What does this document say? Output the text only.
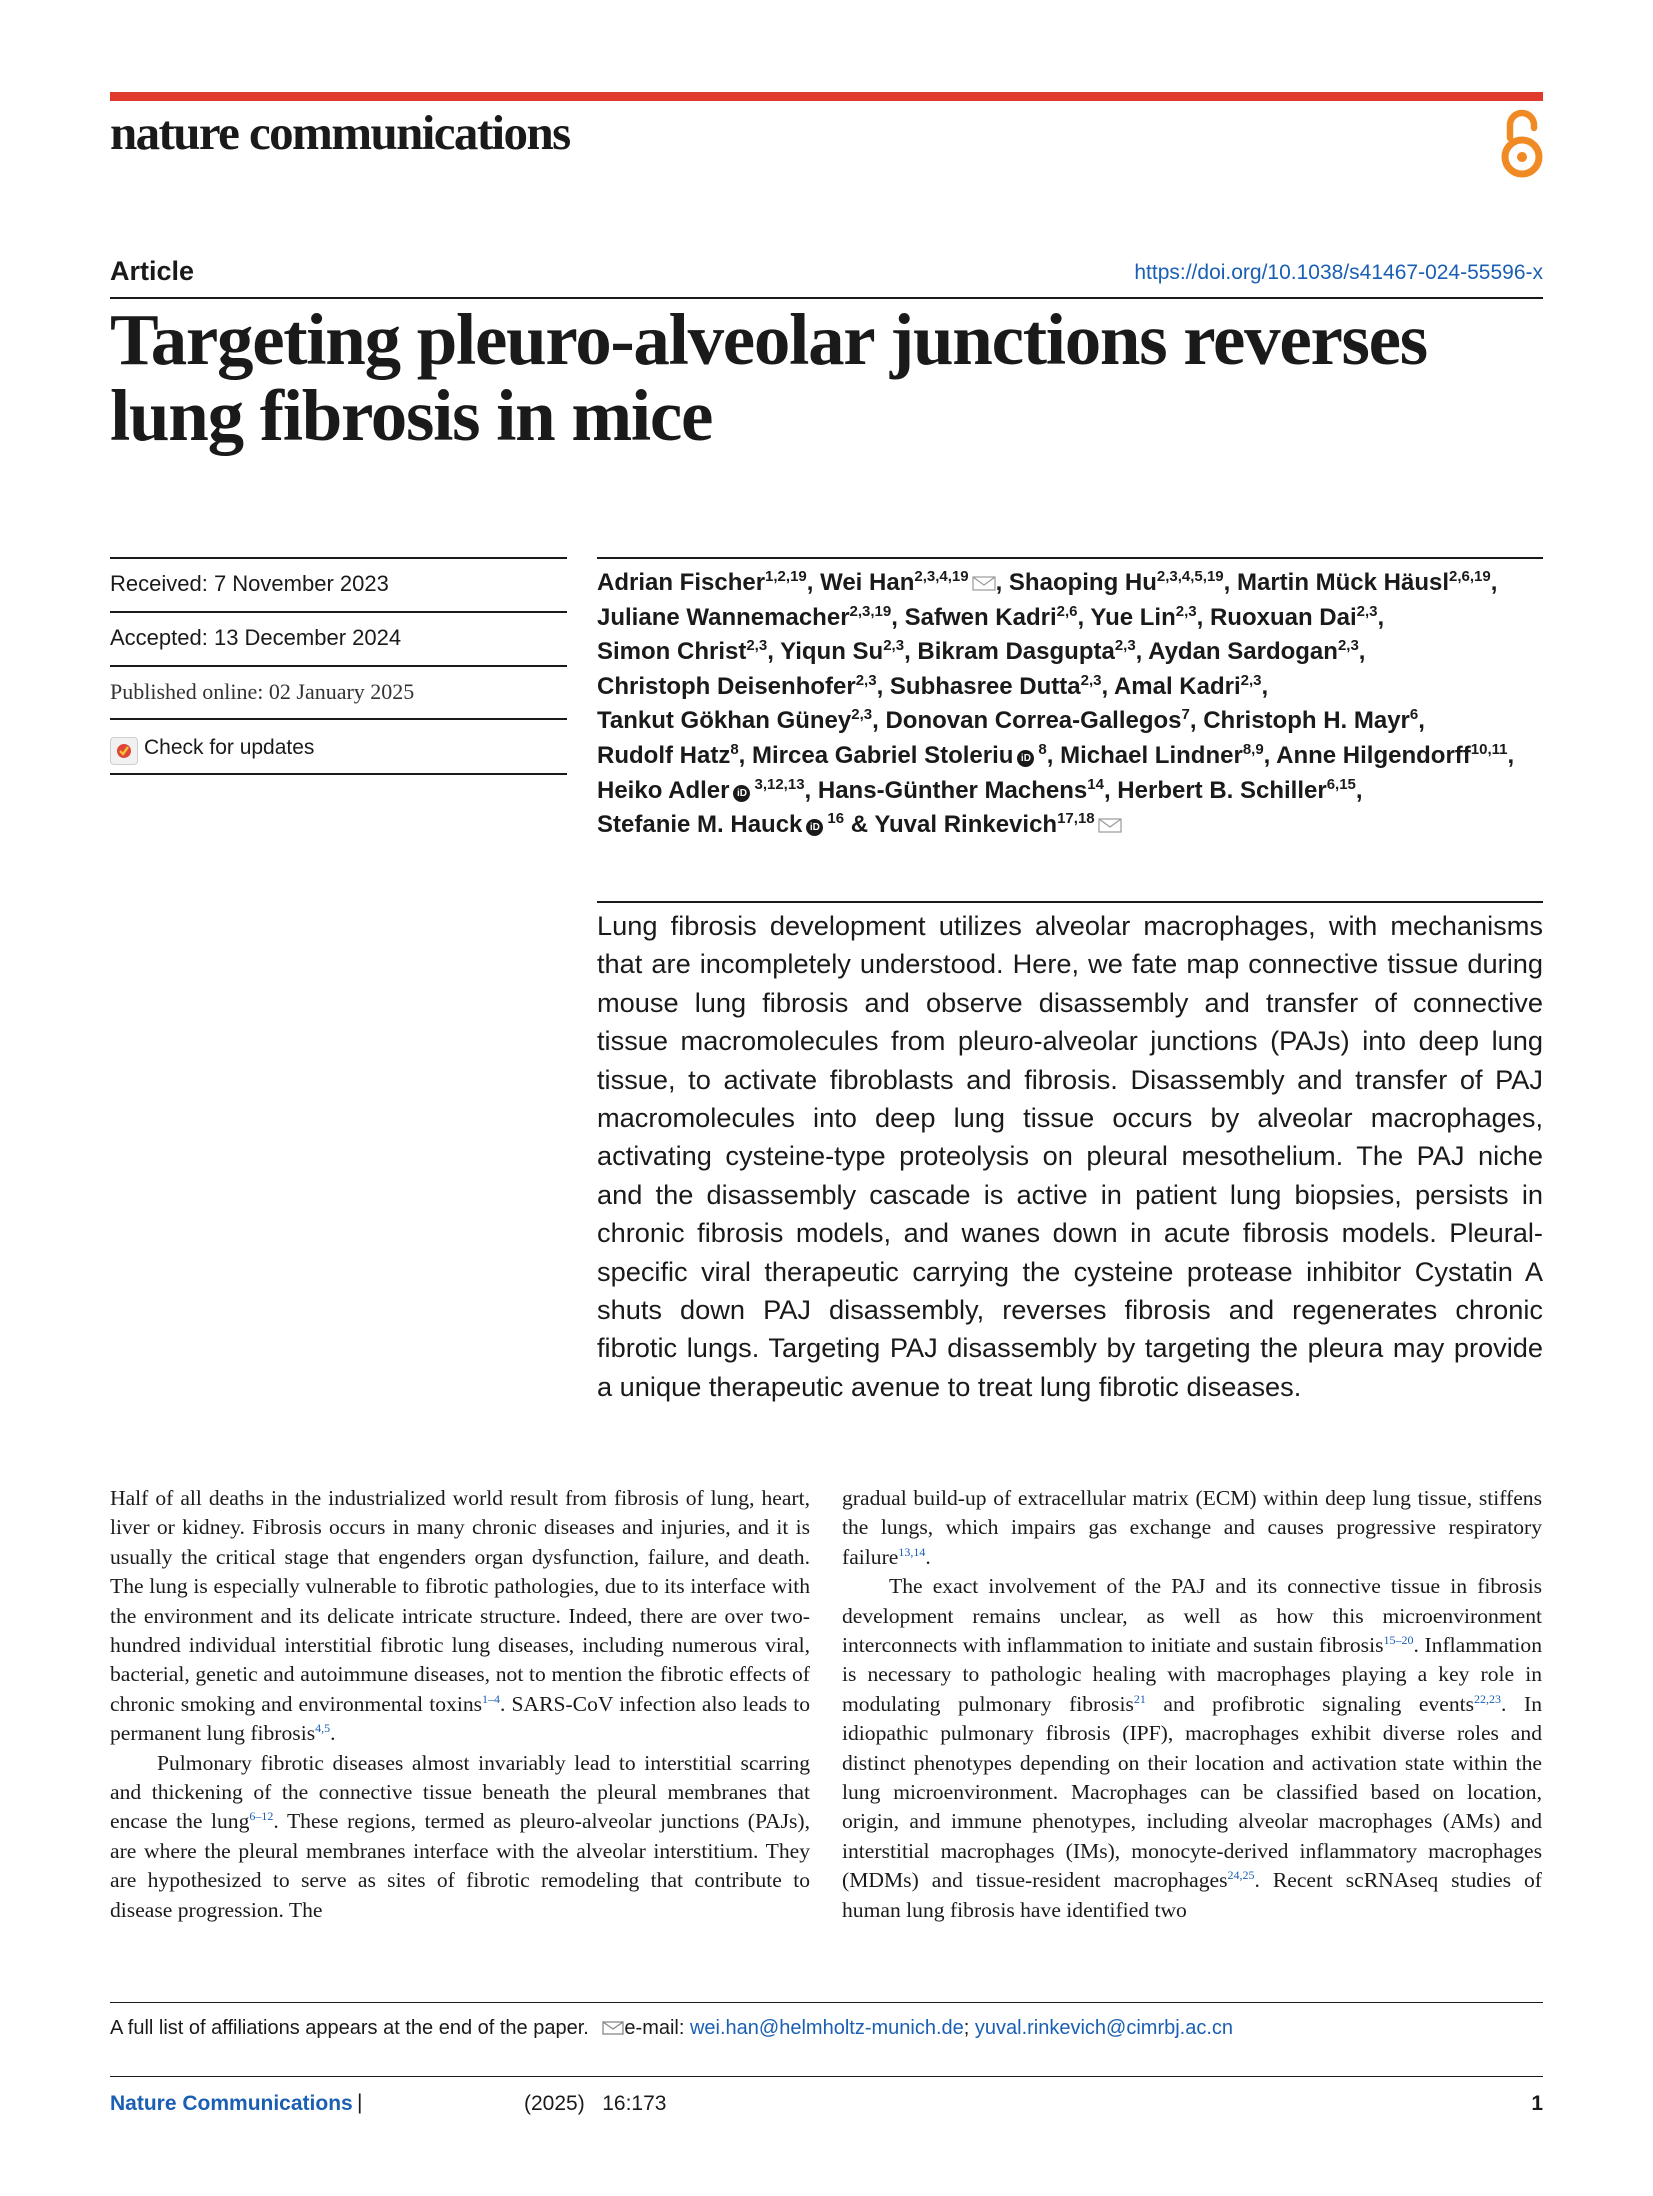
nature communications
Article	https://doi.org/10.1038/s41467-024-55596-x
Targeting pleuro-alveolar junctions reverses lung fibrosis in mice
Received: 7 November 2023
Accepted: 13 December 2024
Published online: 02 January 2025
Check for updates
Adrian Fischer$^{1,2,19}$, Wei Han$^{2,3,4,19}$ , Shaoping Hu$^{2,3,4,5,19}$, Martin Mück Häusl$^{2,6,19}$, Juliane Wannemacher$^{2,3,19}$, Safwen Kadri$^{2,6}$, Yue Lin$^{2,3}$, Ruoxuan Dai$^{2,3}$, Simon Christ$^{2,3}$, Yiqun Su$^{2,3}$, Bikram Dasgupta$^{2,3}$, Aydan Sardogan$^{2,3}$, Christoph Deisenhofer$^{2,3}$, Subhasree Dutta$^{2,3}$, Amal Kadri$^{2,3}$, Tankut Gökhan Güney$^{2,3}$, Donovan Correa-Gallegos$^7$, Christoph H. Mayr$^6$, Rudolf Hatz$^8$, Mircea Gabriel Stoleriu $iD^8$, Michael Lindner$^{8,9}$, Anne Hilgendorff$^{10,11}$, Heiko Adler iD$^{3,12,13}$, Hans-Günther Machens$^{14}$, Herbert B. Schiller$^{6,15}$, Stefanie M. Hauck $iD^{16}$ & Yuval Rinkevich$^{17,18}$

Lung fibrosis development utilizes alveolar macrophages, with mechanisms that are incompletely understood. Here, we fate map connective tissue during mouse lung fibrosis and observe disassembly and transfer of connective tissue macromolecules from pleuro-alveolar junctions (PAJs) into deep lung tissue, to activate fibroblasts and fibrosis. Disassembly and transfer of PAJ macromolecules into deep lung tissue occurs by alveolar macrophages, activating cysteine-type proteolysis on pleural mesothelium. The PAJ niche and the disassembly cascade is active in patient lung biopsies, persists in chronic fibrosis models, and wanes down in acute fibrosis models. Pleural-specific viral therapeutic carrying the cysteine protease inhibitor Cystatin A shuts down PAJ disassembly, reverses fibrosis and regenerates chronic fibrotic lungs. Targeting PAJ disassembly by targeting the pleura may provide a unique therapeutic avenue to treat lung fibrotic diseases.

Half of all deaths in the industrialized world result from fibrosis of lung, heart, liver or kidney. Fibrosis occurs in many chronic diseases and injuries, and it is usually the critical stage that engenders organ dysfunction, failure, and death. The lung is especially vulnerable to fibrotic pathologies, due to its interface with the environment and its delicate intricate structure. Indeed, there are over two-hundred individual interstitial fibrotic lung diseases, including numerous viral, bacterial, genetic and autoimmune diseases, not to mention the fibrotic effects of chronic smoking and environmental toxins$^{1-4}$. SARS-CoV infection also leads to permanent lung fibrosis$^{4,5}$.

Pulmonary fibrotic diseases almost invariably lead to interstitial scarring and thickening of the connective tissue beneath the pleural membranes that encase the lung$^{6-12}$. These regions, termed as pleuro-alveolar junctions (PAJs), are where the pleural membranes interface with the alveolar interstitium. They are hypothesized to serve as sites of fibrotic remodeling that contribute to disease progression. The

gradual build-up of extracellular matrix (ECM) within deep lung tissue, stiffens the lungs, which impairs gas exchange and causes progressive respiratory failure$^{13,14}$.

The exact involvement of the PAJ and its connective tissue in fibrosis development remains unclear, as well as how this microenvironment interconnects with inflammation to initiate and sustain fibrosis$^{15-20}$. Inflammation is necessary to pathologic healing with macrophages playing a key role in modulating pulmonary fibrosis$^{21}$ and profibrotic signaling events$^{22,23}$. In idiopathic pulmonary fibrosis (IPF), macrophages exhibit diverse roles and distinct phenotypes depending on their location and activation state within the lung microenvironment. Macrophages can be classified based on location, origin, and immune phenotypes, including alveolar macrophages (AMs) and interstitial macrophages (IMs), monocyte-derived inflammatory macrophages (MDMs) and tissue-resident macrophages$^{24,25}$. Recent scRNAseq studies of human lung fibrosis have identified two

A full list of affiliations appears at the end of the paper. e-mail: wei.han@helmholtz-munich.de; yuval.rinkevich@cimrbj.ac.cn
Nature Communications |	(2025)   16:173	1
